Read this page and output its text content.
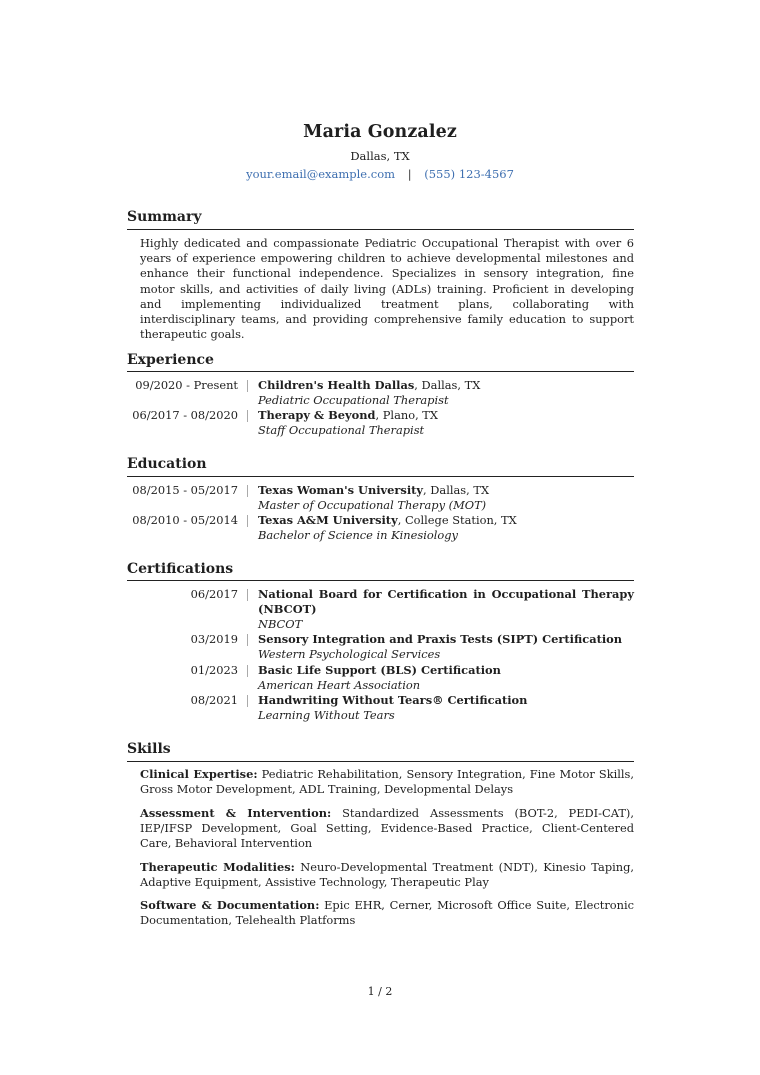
Maria Gonzalez
Dallas, TX
your.email@example.com | (555) 123-4567
Summary
Highly dedicated and compassionate Pediatric Occupational Therapist with over 6 years of experience empowering children to achieve developmental milestones and enhance their functional independence. Specializes in sensory integration, fine motor skills, and activities of daily living (ADLs) training. Proficient in developing and implementing individualized treatment plans, collaborating with interdisciplinary teams, and providing comprehensive family education to support therapeutic goals.
Experience
09/2020 - Present Children's Health Dallas, Dallas, TX
Pediatric Occupational Therapist
06/2017 - 08/2020 Therapy & Beyond, Plano, TX
Staff Occupational Therapist
Education
08/2015 - 05/2017 Texas Woman's University, Dallas, TX
Master of Occupational Therapy (MOT)
08/2010 - 05/2014 Texas A&M University, College Station, TX
Bachelor of Science in Kinesiology
Certifications
06/2017 National Board for Certification in Occupational Therapy (NBCOT)
NBCOT
03/2019 Sensory Integration and Praxis Tests (SIPT) Certification
Western Psychological Services
01/2023 Basic Life Support (BLS) Certification
American Heart Association
08/2021 Handwriting Without Tears® Certification
Learning Without Tears
Skills
Clinical Expertise: Pediatric Rehabilitation, Sensory Integration, Fine Motor Skills, Gross Motor Development, ADL Training, Developmental Delays
Assessment & Intervention: Standardized Assessments (BOT-2, PEDI-CAT), IEP/IFSP Development, Goal Setting, Evidence-Based Practice, Client-Centered Care, Behavioral Intervention
Therapeutic Modalities: Neuro-Developmental Treatment (NDT), Kinesio Taping, Adaptive Equipment, Assistive Technology, Therapeutic Play
Software & Documentation: Epic EHR, Cerner, Microsoft Office Suite, Electronic Documentation, Telehealth Platforms
1 / 2
